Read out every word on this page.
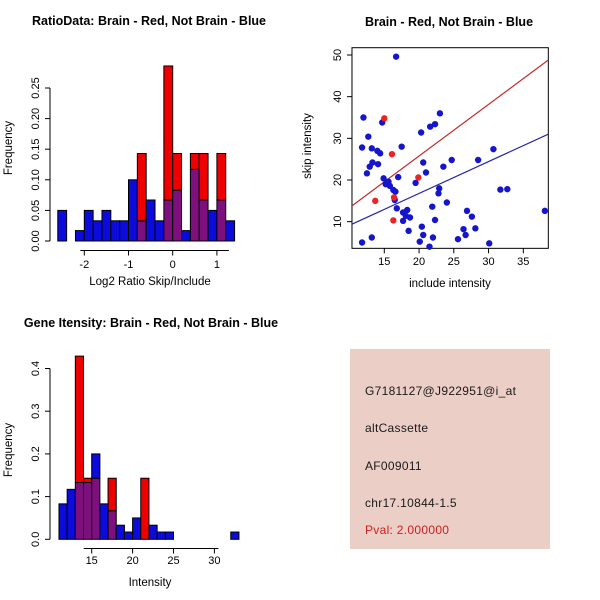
RatioData: Brain - Red, Not Brain - Blue
Log2 Ratio Skip/Include
Frequency
0.00
0.05
0.10
0.15
0.20
0.25
-2	-1	0	1
Brain - Red, Not Brain - Blue
include intensity
skip intensity
10
20
30
40
50
15 20 25 30 35
Gene Itensity: Brain - Red, Not Brain - Blue
Intensity
Frequency
0.0
0.1
0.2
0.3
0.4
15	20	25	30
G7181127@J922951@i_at
altCassette
AF009011
chr17.10844-1.5
Pval: 2.000000
